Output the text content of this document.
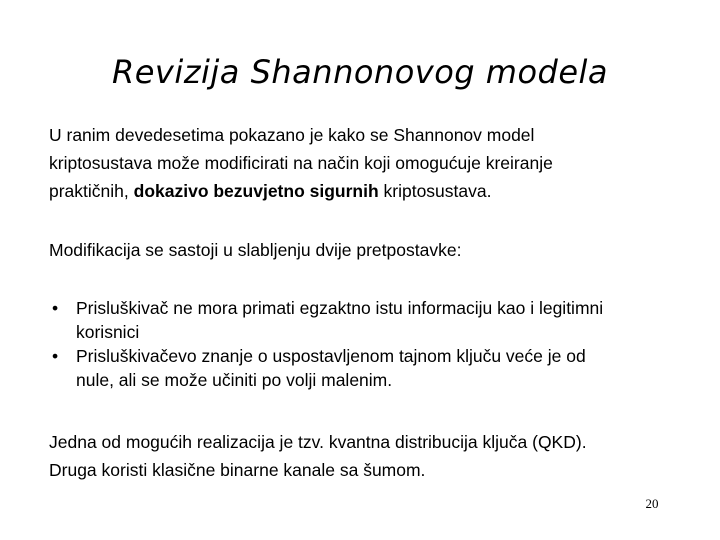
Revizija Shannonovog modela
U ranim devedesetima pokazano je kako se Shannonov model
kriptosustava može modificirati na način koji omogućuje kreiranje
praktičnih, dokazivo bezuvjetno sigurnih kriptosustava.
Modifikacija se sastoji u slabljenju dvije pretpostavke:
• Prisluškivač ne mora primati egzaktno istu informaciju kao i legitimni
korisnici
• Prisluškivačevo znanje o uspostavljenom tajnom ključu veće je od
nule, ali se može učiniti po volji malenim.
Jedna od mogućih realizacija je tzv. kvantna distribucija ključa (QKD).
Druga koristi klasične binarne kanale sa šumom.
20
